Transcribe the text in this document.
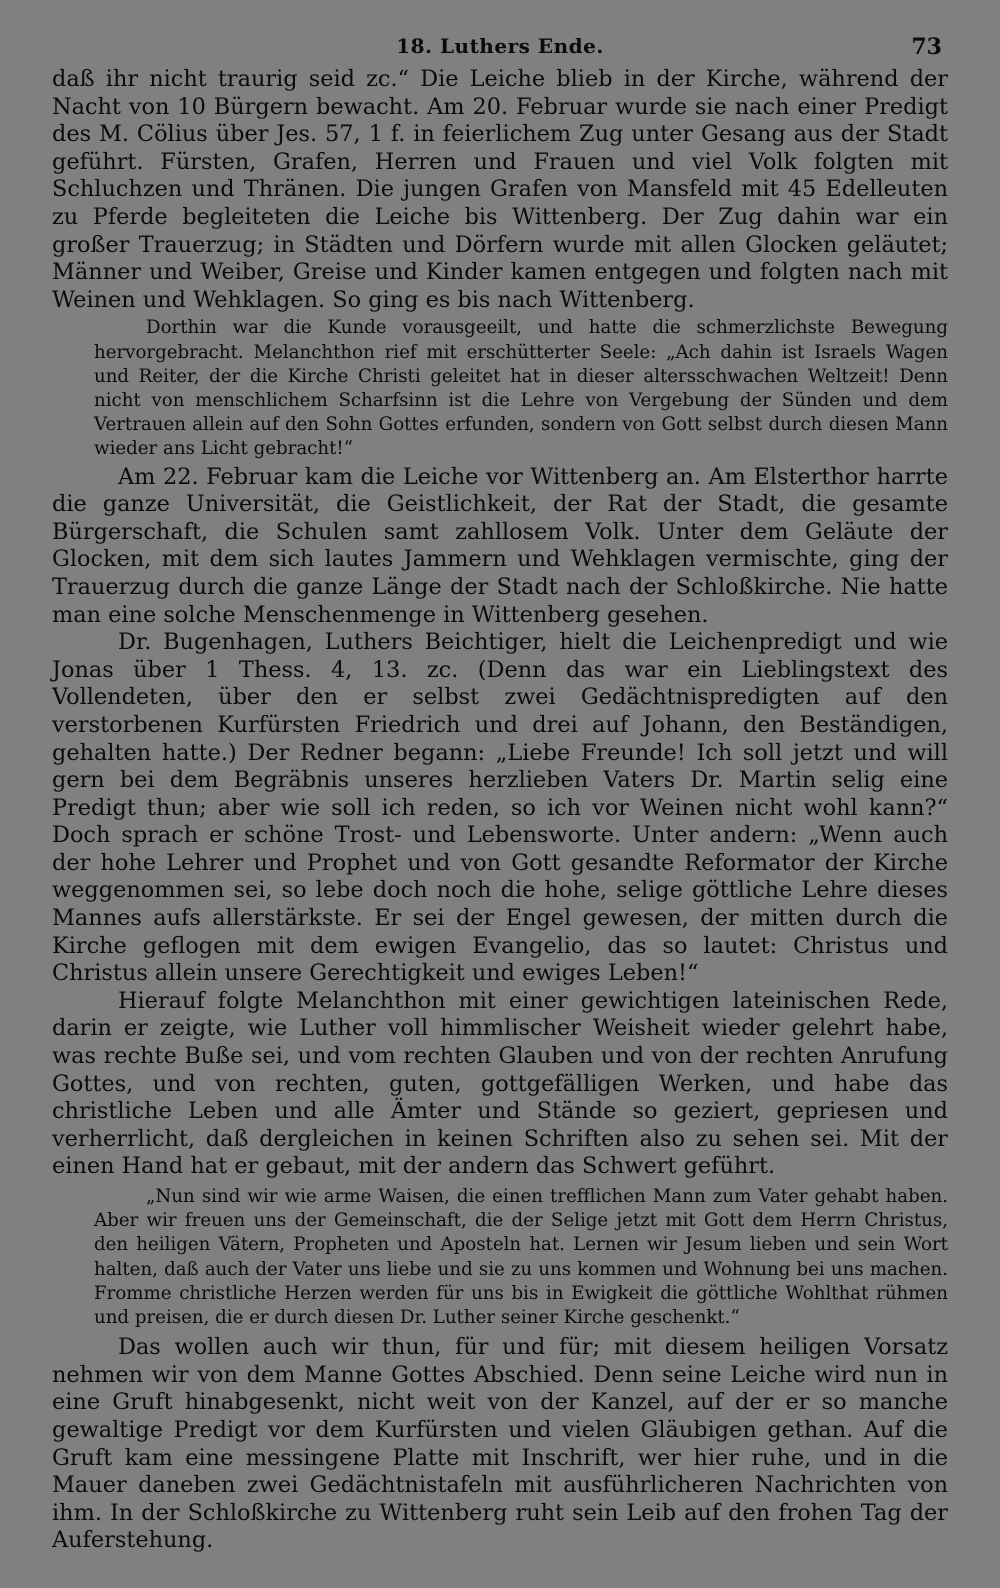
18. Luthers Ende.	73

daß ihr nicht traurig seid zc.“ Die Leiche blieb in der Kirche, während der Nacht von 10 Bürgern bewacht. Am 20. Februar wurde sie nach einer Predigt des M. Cölius über Jes. 57, 1 f. in feierlichem Zug unter Gesang aus der Stadt geführt. Fürsten, Grafen, Herren und Frauen und viel Volk folgten mit Schluchzen und Thränen. Die jungen Grafen von Mansfeld mit 45 Edelleuten zu Pferde begleiteten die Leiche bis Wittenberg. Der Zug dahin war ein großer Trauerzug; in Städten und Dörfern wurde mit allen Glocken geläutet; Männer und Weiber, Greise und Kinder kamen entgegen und folgten nach mit Weinen und Wehklagen. So ging es bis nach Wittenberg.

Dorthin war die Kunde vorausgeeilt, und hatte die schmerzlichste Bewegung hervorgebracht. Melanchthon rief mit erschütterter Seele: „Ach dahin ist Israels Wagen und Reiter, der die Kirche Christi geleitet hat in dieser altersschwachen Weltzeit! Denn nicht von menschlichem Scharfsinn ist die Lehre von Vergebung der Sünden und dem Vertrauen allein auf den Sohn Gottes erfunden, sondern von Gott selbst durch diesen Mann wieder ans Licht gebracht!“

Am 22. Februar kam die Leiche vor Wittenberg an. Am Elsterthor harrte die ganze Universität, die Geistlichkeit, der Rat der Stadt, die gesamte Bürgerschaft, die Schulen samt zahllosem Volk. Unter dem Geläute der Glocken, mit dem sich lautes Jammern und Wehklagen vermischte, ging der Trauerzug durch die ganze Länge der Stadt nach der Schloßkirche. Nie hatte man eine solche Menschenmenge in Wittenberg gesehen.

Dr. Bugenhagen, Luthers Beichtiger, hielt die Leichenpredigt und wie Jonas über 1 Thess. 4, 13. zc. (Denn das war ein Lieblingstext des Vollendeten, über den er selbst zwei Gedächtnispredigten auf den verstorbenen Kurfürsten Friedrich und drei auf Johann, den Beständigen, gehalten hatte.) Der Redner begann: „Liebe Freunde! Ich soll jetzt und will gern bei dem Begräbnis unseres herzlieben Vaters Dr. Martin selig eine Predigt thun; aber wie soll ich reden, so ich vor Weinen nicht wohl kann?“ Doch sprach er schöne Trost- und Lebensworte. Unter andern: „Wenn auch der hohe Lehrer und Prophet und von Gott gesandte Reformator der Kirche weggenommen sei, so lebe doch noch die hohe, selige göttliche Lehre dieses Mannes aufs allerstärkste. Er sei der Engel gewesen, der mitten durch die Kirche geflogen mit dem ewigen Evangelio, das so lautet: Christus und Christus allein unsere Gerechtigkeit und ewiges Leben!“

Hierauf folgte Melanchthon mit einer gewichtigen lateinischen Rede, darin er zeigte, wie Luther voll himmlischer Weisheit wieder gelehrt habe, was rechte Buße sei, und vom rechten Glauben und von der rechten Anrufung Gottes, und von rechten, guten, gottgefälligen Werken, und habe das christliche Leben und alle Ämter und Stände so geziert, gepriesen und verherrlicht, daß dergleichen in keinen Schriften also zu sehen sei. Mit der einen Hand hat er gebaut, mit der andern das Schwert geführt.

„Nun sind wir wie arme Waisen, die einen trefflichen Mann zum Vater gehabt haben. Aber wir freuen uns der Gemeinschaft, die der Selige jetzt mit Gott dem Herrn Christus, den heiligen Vätern, Propheten und Aposteln hat. Lernen wir Jesum lieben und sein Wort halten, daß auch der Vater uns liebe und sie zu uns kommen und Wohnung bei uns machen. Fromme christliche Herzen werden für uns bis in Ewigkeit die göttliche Wohlthat rühmen und preisen, die er durch diesen Dr. Luther seiner Kirche geschenkt.“

Das wollen auch wir thun, für und für; mit diesem heiligen Vorsatz nehmen wir von dem Manne Gottes Abschied. Denn seine Leiche wird nun in eine Gruft hinabgesenkt, nicht weit von der Kanzel, auf der er so manche gewaltige Predigt vor dem Kurfürsten und vielen Gläubigen gethan. Auf die Gruft kam eine messingene Platte mit Inschrift, wer hier ruhe, und in die Mauer daneben zwei Gedächtnistafeln mit ausführlicheren Nachrichten von ihm. In der Schloßkirche zu Wittenberg ruht sein Leib auf den frohen Tag der Auferstehung.
